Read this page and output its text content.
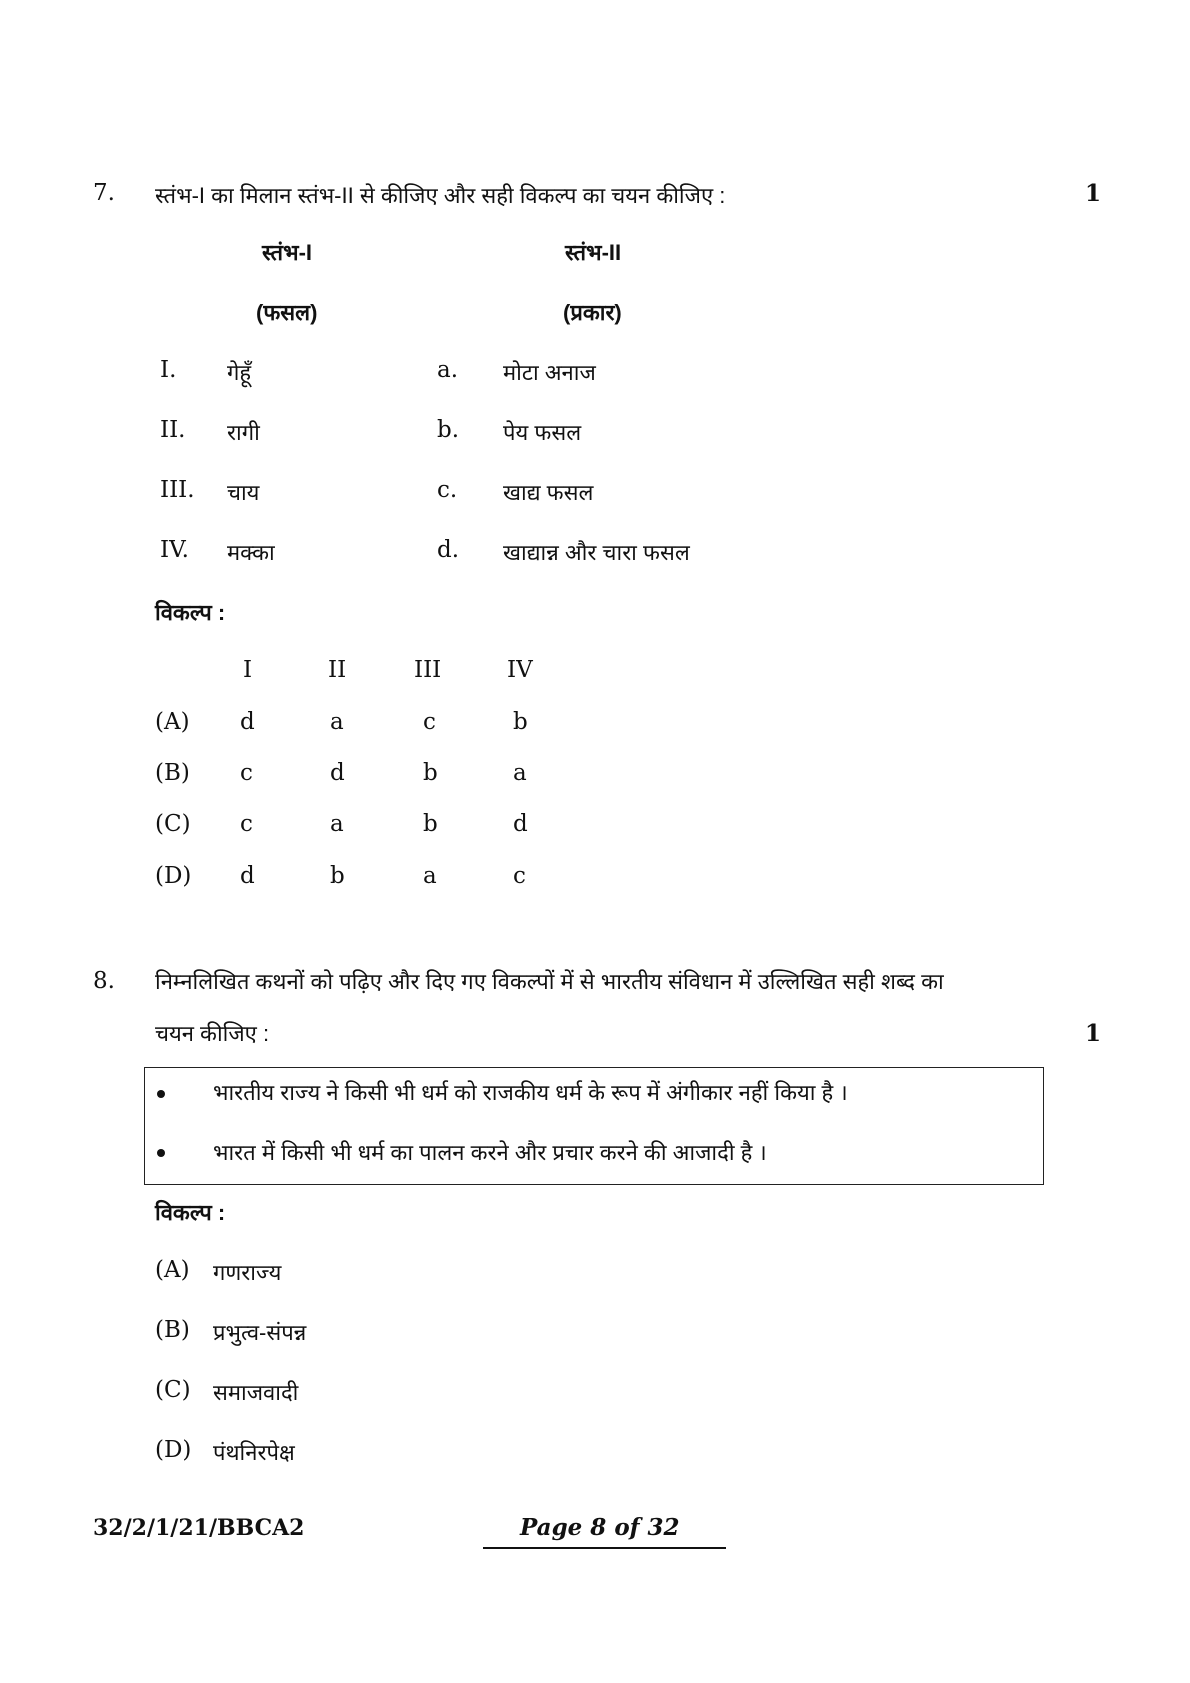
7. स्तंभ-I का मिलान स्तंभ-II से कीजिए और सही विकल्प का चयन कीजिए :	1
स्तंभ-I	स्तंभ-II
(फसल)	(प्रकार)
I. गेहूँ	a. मोटा अनाज
II. रागी	b. पेय फसल
III. चाय	c. खाद्य फसल
IV. मक्का	d. खाद्यान्न और चारा फसल
विकल्प :
I	II	III	IV
(A) d	a	c	b
(B) c	d	b	a
(C) c	a	b	d
(D) d	b	a	c
8. निम्नलिखित कथनों को पढ़िए और दिए गए विकल्पों में से भारतीय संविधान में उल्लिखित सही शब्द का
चयन कीजिए :	1
भारतीय राज्य ने किसी भी धर्म को राजकीय धर्म के रूप में अंगीकार नहीं किया है ।
भारत में किसी भी धर्म का पालन करने और प्रचार करने की आजादी है ।
विकल्प :
(A) गणराज्य
(B) प्रभुत्व-संपन्न
(C) समाजवादी
(D) पंथनिरपेक्ष
32/2/1/21/BBCA2	Page 8 of 32
